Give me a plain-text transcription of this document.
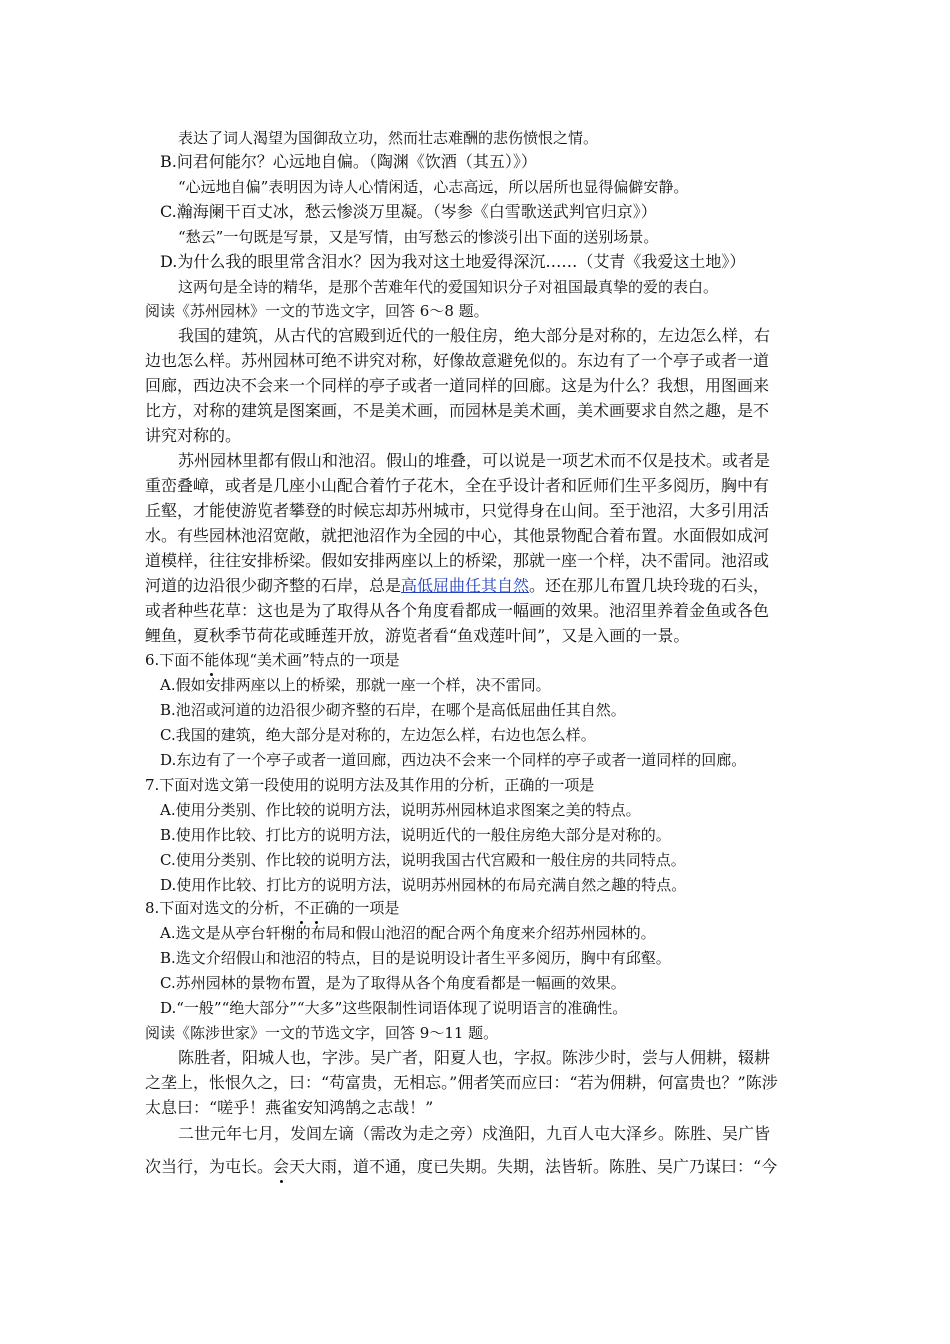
表达了词人渴望为国御敌立功，然而壮志难酬的悲伤愤恨之情。
B.问君何能尔？心远地自偏。（陶渊《饮酒（其五）》）
“心远地自偏”表明因为诗人心情闲适，心志高远，所以居所也显得偏僻安静。
C.瀚海阑干百丈冰，愁云惨淡万里凝。（岑参《白雪歌送武判官归京》）
“愁云”一句既是写景，又是写情，由写愁云的惨淡引出下面的送别场景。
D.为什么我的眼里常含泪水？因为我对这土地爱得深沉……（艾青《我爱这土地》）
这两句是全诗的精华，是那个苦难年代的爱国知识分子对祖国最真挚的爱的表白。
阅读《苏州园林》一文的节选文字，回答 6～8 题。
我国的建筑，从古代的宫殿到近代的一般住房，绝大部分是对称的，左边怎么样，右
边也怎么样。苏州园林可绝不讲究对称，好像故意避免似的。东边有了一个亭子或者一道
回廊，西边决不会来一个同样的亭子或者一道同样的回廊。这是为什么？我想，用图画来
比方，对称的建筑是图案画，不是美术画，而园林是美术画，美术画要求自然之趣，是不
讲究对称的。
苏州园林里都有假山和池沼。假山的堆叠，可以说是一项艺术而不仅是技术。或者是
重峦叠嶂，或者是几座小山配合着竹子花木，全在乎设计者和匠师们生平多阅历，胸中有
丘壑，才能使游览者攀登的时候忘却苏州城市，只觉得身在山间。至于池沼，大多引用活
水。有些园林池沼宽敞，就把池沼作为全园的中心，其他景物配合着布置。水面假如成河
道模样，往往安排桥梁。假如安排两座以上的桥梁，那就一座一个样，决不雷同。池沼或
河道的边沿很少砌齐整的石岸，总是高低屈曲任其自然。还在那儿布置几块玲珑的石头，
或者种些花草：这也是为了取得从各个角度看都成一幅画的效果。池沼里养着金鱼或各色
鲤鱼，夏秋季节荷花或睡莲开放，游览者看“鱼戏莲叶间”，又是入画的一景。
6.下面不能体现“美术画”特点的一项是
A.假如安排两座以上的桥梁，那就一座一个样，决不雷同。
B.池沼或河道的边沿很少砌齐整的石岸，在哪个是高低屈曲任其自然。
C.我国的建筑，绝大部分是对称的，左边怎么样，右边也怎么样。
D.东边有了一个亭子或者一道回廊，西边决不会来一个同样的亭子或者一道同样的回廊。
7.下面对选文第一段使用的说明方法及其作用的分析，正确的一项是
A.使用分类别、作比较的说明方法，说明苏州园林追求图案之美的特点。
B.使用作比较、打比方的说明方法，说明近代的一般住房绝大部分是对称的。
C.使用分类别、作比较的说明方法，说明我国古代宫殿和一般住房的共同特点。
D.使用作比较、打比方的说明方法，说明苏州园林的布局充满自然之趣的特点。
8.下面对选文的分析，不正确的一项是
A.选文是从亭台轩榭的布局和假山池沼的配合两个角度来介绍苏州园林的。
B.选文介绍假山和池沼的特点，目的是说明设计者生平多阅历，胸中有邱壑。
C.苏州园林的景物布置，是为了取得从各个角度看都是一幅画的效果。
D.“一般”“绝大部分”“大多”这些限制性词语体现了说明语言的准确性。
阅读《陈涉世家》一文的节选文字，回答 9～11 题。
陈胜者，阳城人也，字涉。吴广者，阳夏人也，字叔。陈涉少时，尝与人佣耕，辍耕
之垄上，怅恨久之，曰：“苟富贵，无相忘。”佣者笑而应曰：“若为佣耕，何富贵也？”陈涉
太息曰：“嗟乎！燕雀安知鸿鹄之志哉！”
二世元年七月，发闾左谪（需改为走之旁）戍渔阳，九百人屯大泽乡。陈胜、吴广皆
次当行，为屯长。会天大雨，道不通，度已失期。失期，法皆斩。陈胜、吴广乃谋曰：“今
